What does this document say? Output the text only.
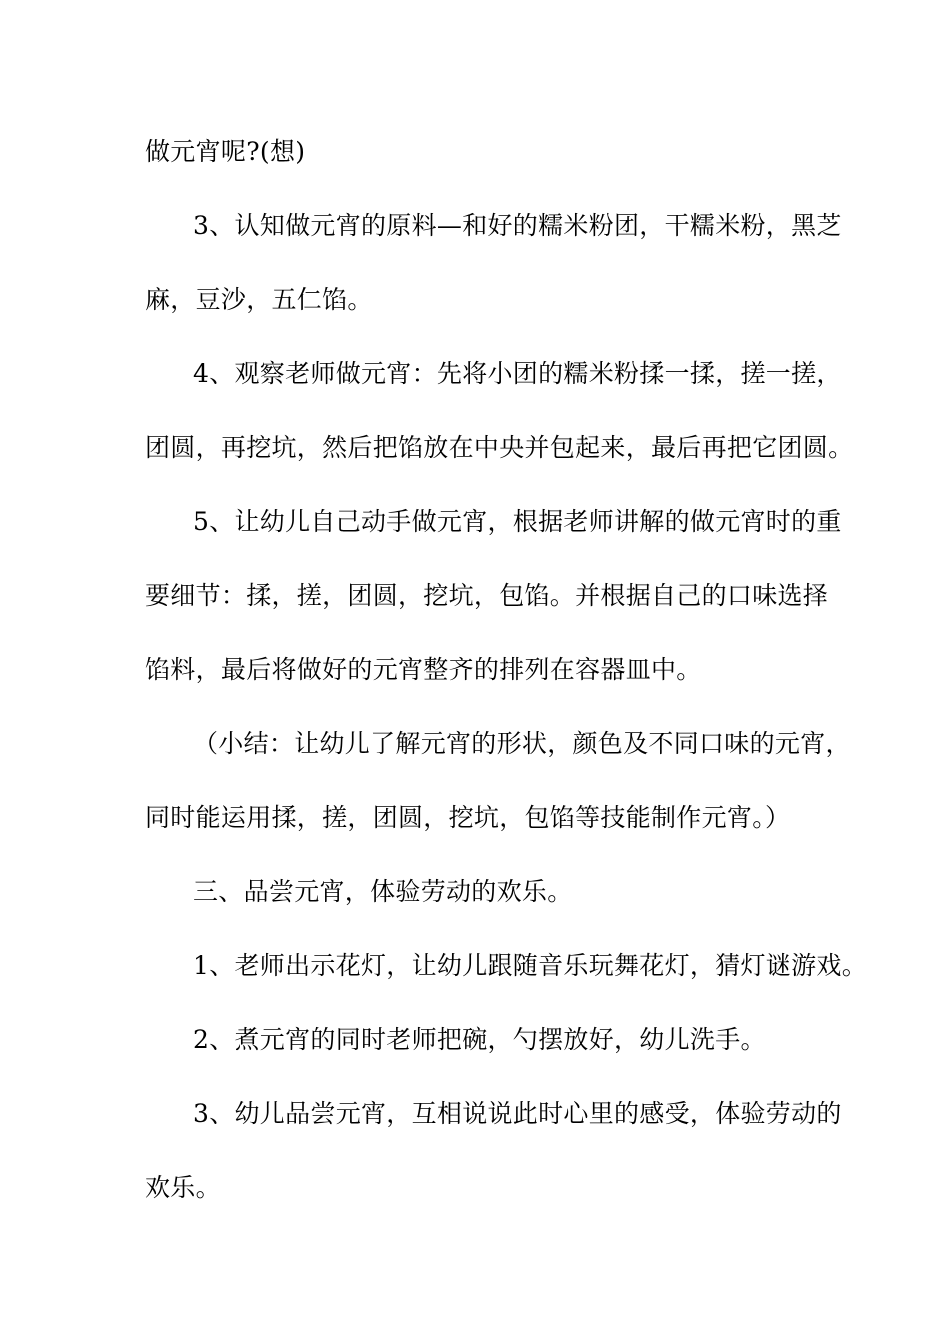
做元宵呢?(想)
3、认知做元宵的原料—和好的糯米粉团，干糯米粉，黑芝
麻，豆沙，五仁馅。
4、观察老师做元宵：先将小团的糯米粉揉一揉，搓一搓，
团圆，再挖坑，然后把馅放在中央并包起来，最后再把它团圆。
5、让幼儿自己动手做元宵，根据老师讲解的做元宵时的重
要细节：揉，搓，团圆，挖坑，包馅。并根据自己的口味选择
馅料，最后将做好的元宵整齐的排列在容器皿中。
（小结：让幼儿了解元宵的形状，颜色及不同口味的元宵，
同时能运用揉，搓，团圆，挖坑，包馅等技能制作元宵。）
三、品尝元宵，体验劳动的欢乐。
1、老师出示花灯，让幼儿跟随音乐玩舞花灯，猜灯谜游戏。
2、煮元宵的同时老师把碗，勺摆放好，幼儿洗手。
3、幼儿品尝元宵，互相说说此时心里的感受，体验劳动的
欢乐。
